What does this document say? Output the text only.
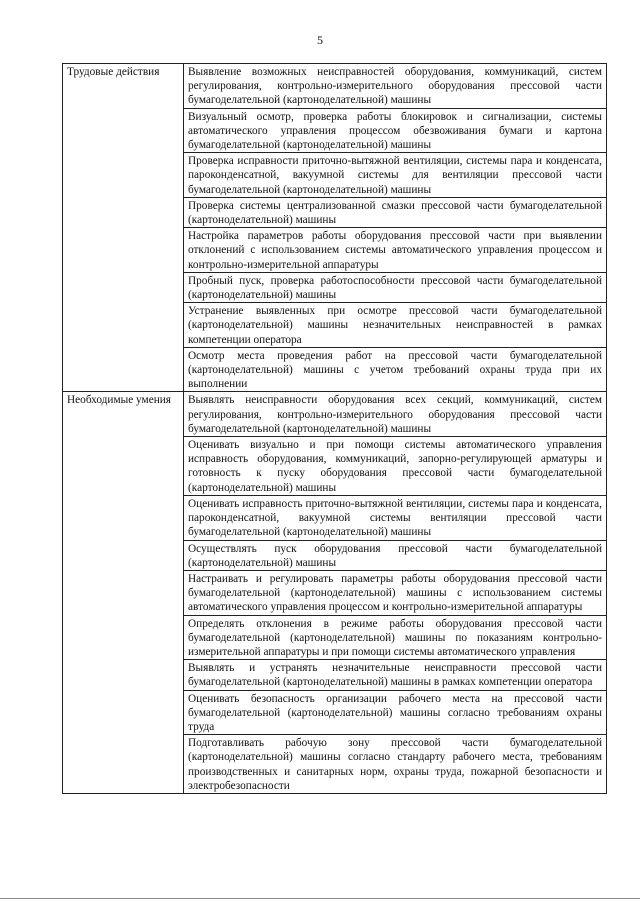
5
Трудовые действия	Выявление возможных неисправностей оборудования, коммуникаций, систем регулирования, контрольно-измерительного оборудования прессовой части бумагоделательной (картоноделательной) машины
	Визуальный осмотр, проверка работы блокировок и сигнализации, системы автоматического управления процессом обезвоживания бумаги и картона бумагоделательной (картоноделательной) машины
	Проверка исправности приточно-вытяжной вентиляции, системы пара и конденсата, пароконденсатной, вакуумной системы для вентиляции прессовой части бумагоделательной (картоноделательной) машины
	Проверка системы централизованной смазки прессовой части бумагоделательной (картоноделательной) машины
	Настройка параметров работы оборудования прессовой части при выявлении отклонений с использованием системы автоматического управления процессом и контрольно-измерительной аппаратуры
	Пробный пуск, проверка работоспособности прессовой части бумагоделательной (картоноделательной) машины
	Устранение выявленных при осмотре прессовой части бумагоделательной (картоноделательной) машины незначительных неисправностей в рамках компетенции оператора
	Осмотр места проведения работ на прессовой части бумагоделательной (картоноделательной) машины с учетом требований охраны труда при их выполнении
Необходимые умения	Выявлять неисправности оборудования всех секций, коммуникаций, систем регулирования, контрольно-измерительного оборудования прессовой части бумагоделательной (картоноделательной) машины
	Оценивать визуально и при помощи системы автоматического управления исправность оборудования, коммуникаций, запорно-регулирующей арматуры и готовность к пуску оборудования прессовой части бумагоделательной (картоноделательной) машины
	Оценивать исправность приточно-вытяжной вентиляции, системы пара и конденсата, пароконденсатной, вакуумной системы вентиляции прессовой части бумагоделательной (картоноделательной) машины
	Осуществлять пуск оборудования прессовой части бумагоделательной (картоноделательной) машины
	Настраивать и регулировать параметры работы оборудования прессовой части бумагоделательной (картоноделательной) машины с использованием системы автоматического управления процессом и контрольно-измерительной аппаратуры
	Определять отклонения в режиме работы оборудования прессовой части бумагоделательной (картоноделательной) машины по показаниям контрольно-измерительной аппаратуры и при помощи системы автоматического управления
	Выявлять и устранять незначительные неисправности прессовой части бумагоделательной (картоноделательной) машины в рамках компетенции оператора
	Оценивать безопасность организации рабочего места на прессовой части бумагоделательной (картоноделательной) машины согласно требованиям охраны труда
	Подготавливать рабочую зону прессовой части бумагоделательной (картоноделательной) машины согласно стандарту рабочего места, требованиям производственных и санитарных норм, охраны труда, пожарной безопасности и электробезопасности
